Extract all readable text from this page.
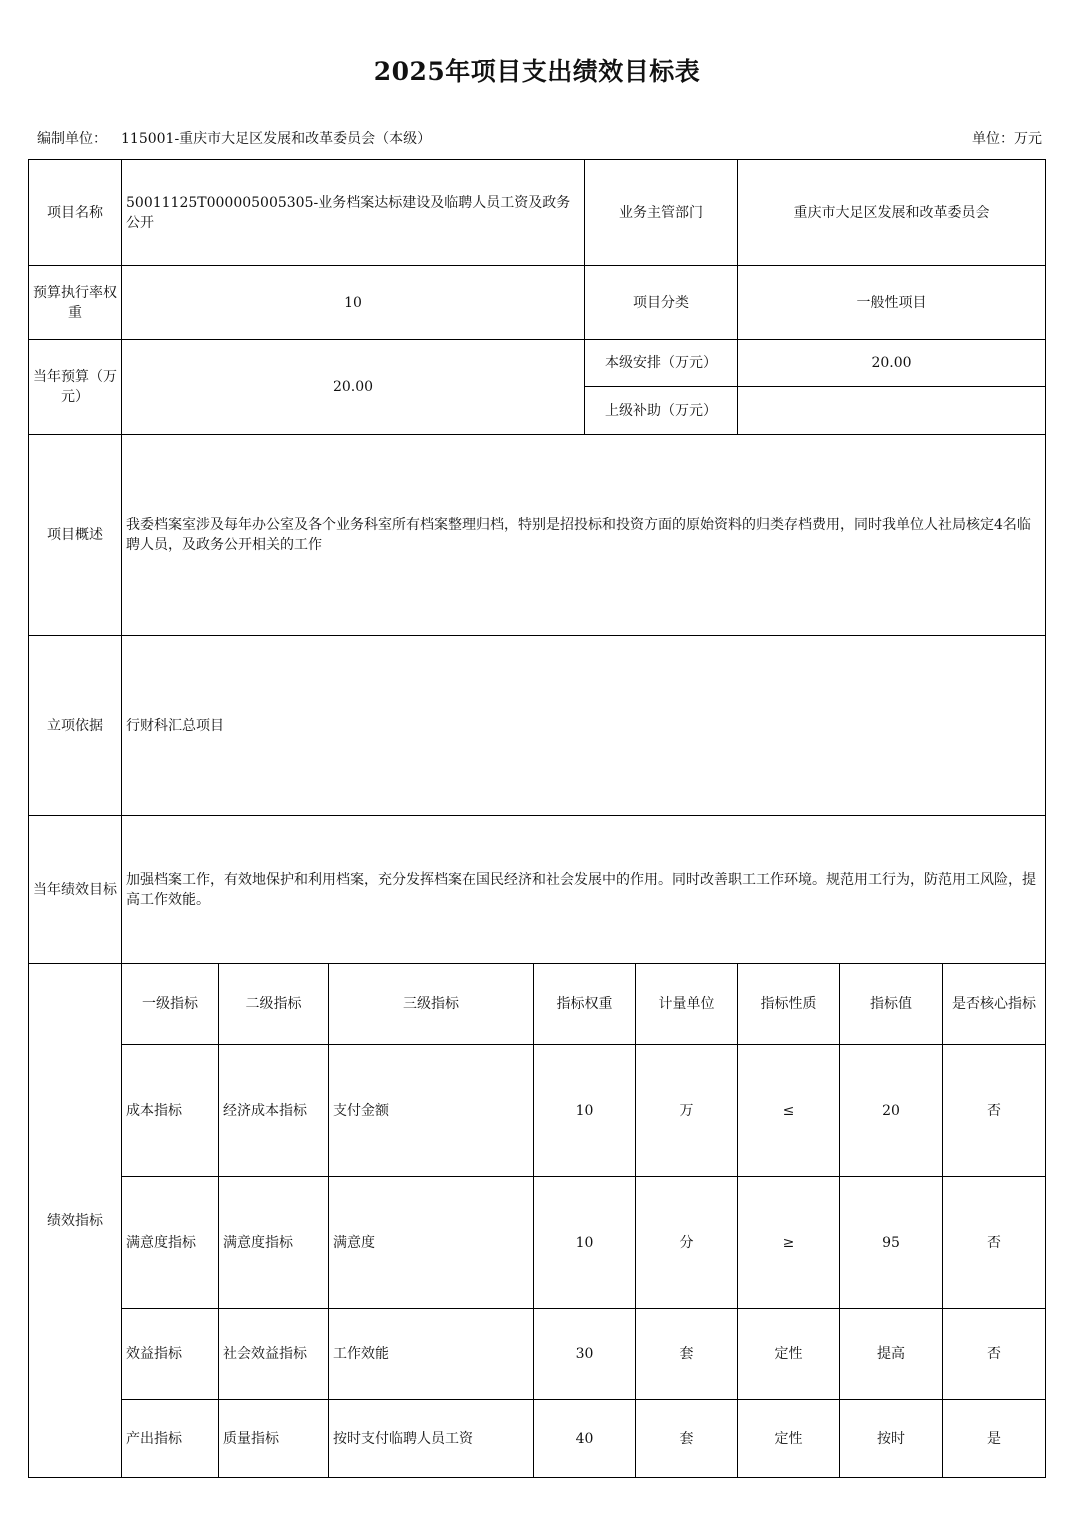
2025年项目支出绩效目标表
编制单位： 115001-重庆市大足区发展和改革委员会（本级）	单位：万元
项目名称	50011125T000005005305-业务档案达标建设及临聘人员工资及政务公开				业务主管部门		重庆市大足区发展和改革委员会		
预算执行率权重	10				项目分类		一般性项目		
当年预算（万元）	20.00				本级安排（万元）		20.00		
					上级补助（万元）				
项目概述	我委档案室涉及每年办公室及各个业务科室所有档案整理归档，特别是招投标和投资方面的原始资料的归类存档费用，同时我单位人社局核定4名临聘人员，及政务公开相关的工作								
立项依据	行财科汇总项目								
当年绩效目标	加强档案工作，有效地保护和利用档案，充分发挥档案在国民经济和社会发展中的作用。同时改善职工工作环境。规范用工行为，防范用工风险，提高工作效能。								
绩效指标	一级指标	二级指标	三级指标	指标权重		计量单位	指标性质	指标值	是否核心指标
	成本指标	经济成本指标	支付金额	10		万	≤	20	否
	满意度指标	满意度指标	满意度	10		分	≥	95	否
	效益指标	社会效益指标	工作效能	30		套	定性	提高	否
	产出指标	质量指标	按时支付临聘人员工资	40		套	定性	按时	是
